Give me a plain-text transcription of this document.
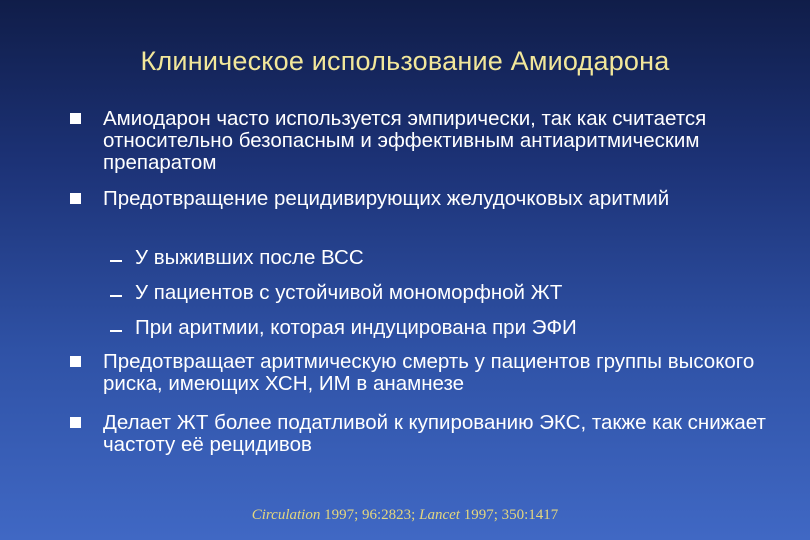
Клиническое использование Амиодарона
Амиодарон часто используется эмпирически, так как считается относительно безопасным и эффективным антиаритмическим препаратом
Предотвращение рецидивирующих желудочковых аритмий
У выживших после ВСС
У пациентов с устойчивой мономорфной ЖТ
При аритмии, которая индуцирована при ЭФИ
Предотвращает аритмическую смерть у пациентов группы высокого риска, имеющих ХСН, ИМ в анамнезе
Делает ЖТ более податливой к купированию ЭКС, также как снижает частоту её рецидивов
Circulation 1997; 96:2823; Lancet 1997; 350:1417
